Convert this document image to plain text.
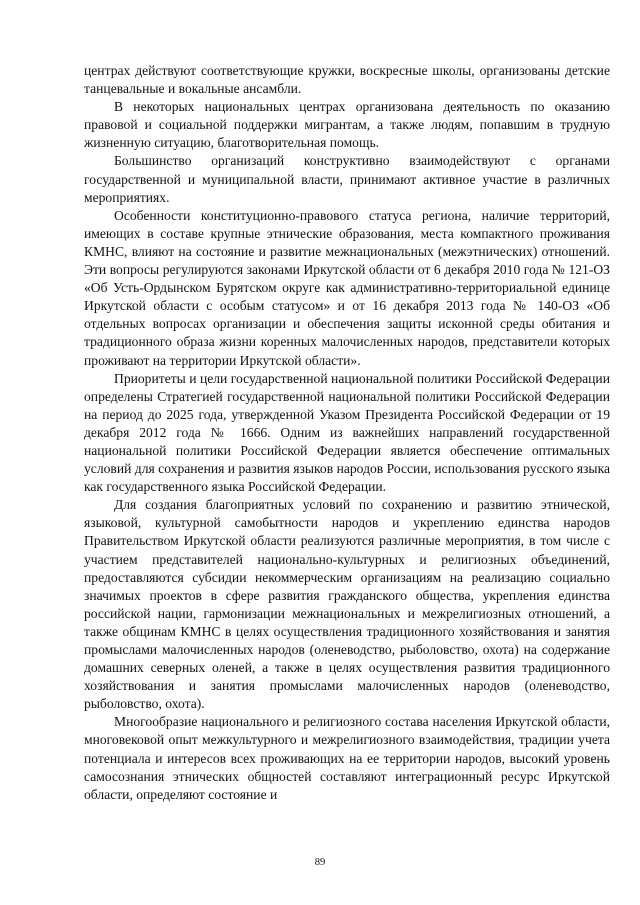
центрах действуют соответствующие кружки, воскресные школы, организованы детские танцевальные и вокальные ансамбли.

В некоторых национальных центрах организована деятельность по оказанию правовой и социальной поддержки мигрантам, а также людям, попавшим в трудную жизненную ситуацию, благотворительная помощь.

Большинство организаций конструктивно взаимодействуют с органами государственной и муниципальной власти, принимают активное участие в различных мероприятиях.

Особенности конституционно-правового статуса региона, наличие территорий, имеющих в составе крупные этнические образования, места компактного проживания КМНС, влияют на состояние и развитие межнациональных (межэтнических) отношений. Эти вопросы регулируются законами Иркутской области от 6 декабря 2010 года № 121-ОЗ «Об Усть-Ордынском Бурятском округе как административно-территориальной единице Иркутской области с особым статусом» и от 16 декабря 2013 года № 140-ОЗ «Об отдельных вопросах организации и обеспечения защиты исконной среды обитания и традиционного образа жизни коренных малочисленных народов, представители которых проживают на территории Иркутской области».

Приоритеты и цели государственной национальной политики Российской Федерации определены Стратегией государственной национальной политики Российской Федерации на период до 2025 года, утвержденной Указом Президента Российской Федерации от 19 декабря 2012 года № 1666. Одним из важнейших направлений государственной национальной политики Российской Федерации является обеспечение оптимальных условий для сохранения и развития языков народов России, использования русского языка как государственного языка Российской Федерации.

Для создания благоприятных условий по сохранению и развитию этнической, языковой, культурной самобытности народов и укреплению единства народов Правительством Иркутской области реализуются различные мероприятия, в том числе с участием представителей национально-культурных и религиозных объединений, предоставляются субсидии некоммерческим организациям на реализацию социально значимых проектов в сфере развития гражданского общества, укрепления единства российской нации, гармонизации межнациональных и межрелигиозных отношений, а также общинам КМНС в целях осуществления традиционного хозяйствования и занятия промыслами малочисленных народов (оленеводство, рыболовство, охота) на содержание домашних северных оленей, а также в целях осуществления развития традиционного хозяйствования и занятия промыслами малочисленных народов (оленеводство, рыболовство, охота).

Многообразие национального и религиозного состава населения Иркутской области, многовековой опыт межкультурного и межрелигиозного взаимодействия, традиции учета потенциала и интересов всех проживающих на ее территории народов, высокий уровень самосознания этнических общностей составляют интеграционный ресурс Иркутской области, определяют состояние и

89
